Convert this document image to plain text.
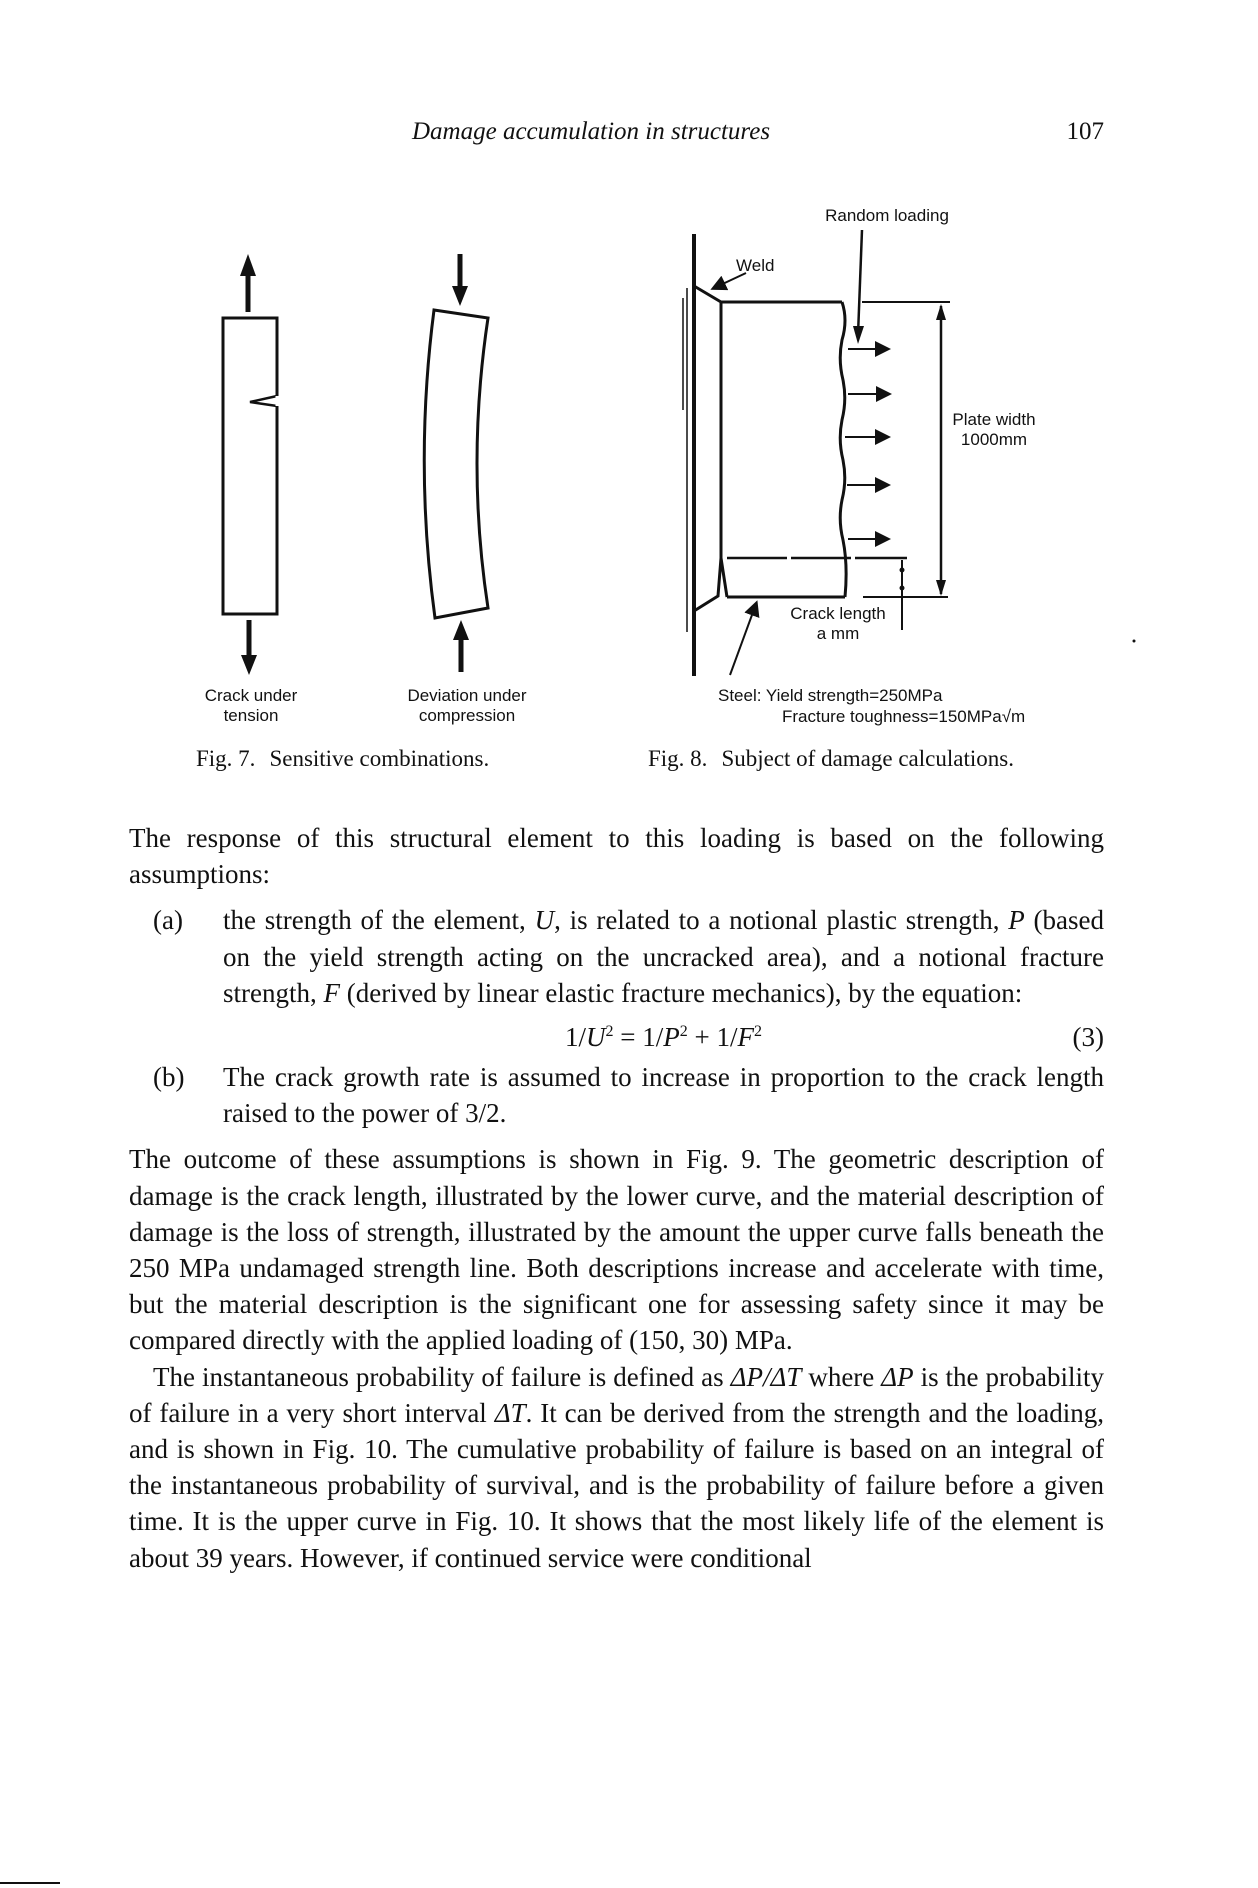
Damage accumulation in structures	107
Crack under
tension
Deviation under
compression
Random loading
Weld
Plate width
1000mm
Crack length
a mm
Steel: Yield strength=250MPa
Fracture toughness=150MPa√m
Fig. 7. Sensitive combinations.	Fig. 8. Subject of damage calculations.

The response of this structural element to this loading is based on the following assumptions:

(a) the strength of the element, U, is related to a notional plastic strength, P (based on the yield strength acting on the uncracked area), and a notional fracture strength, F (derived by linear elastic fracture mechanics), by the equation:
$1/U^2 = 1/P^2 + 1/F^2$	(3)
(b) The crack growth rate is assumed to increase in proportion to the crack length raised to the power of 3/2.

The outcome of these assumptions is shown in Fig. 9. The geometric description of damage is the crack length, illustrated by the lower curve, and the material description of damage is the loss of strength, illustrated by the amount the upper curve falls beneath the 250 MPa undamaged strength line. Both descriptions increase and accelerate with time, but the material description is the significant one for assessing safety since it may be compared directly with the applied loading of (150, 30) MPa.

The instantaneous probability of failure is defined as ΔP/ΔT where ΔP is the probability of failure in a very short interval ΔT. It can be derived from the strength and the loading, and is shown in Fig. 10. The cumulative probability of failure is based on an integral of the instantaneous probability of survival, and is the probability of failure before a given time. It is the upper curve in Fig. 10. It shows that the most likely life of the element is about 39 years. However, if continued service were conditional
